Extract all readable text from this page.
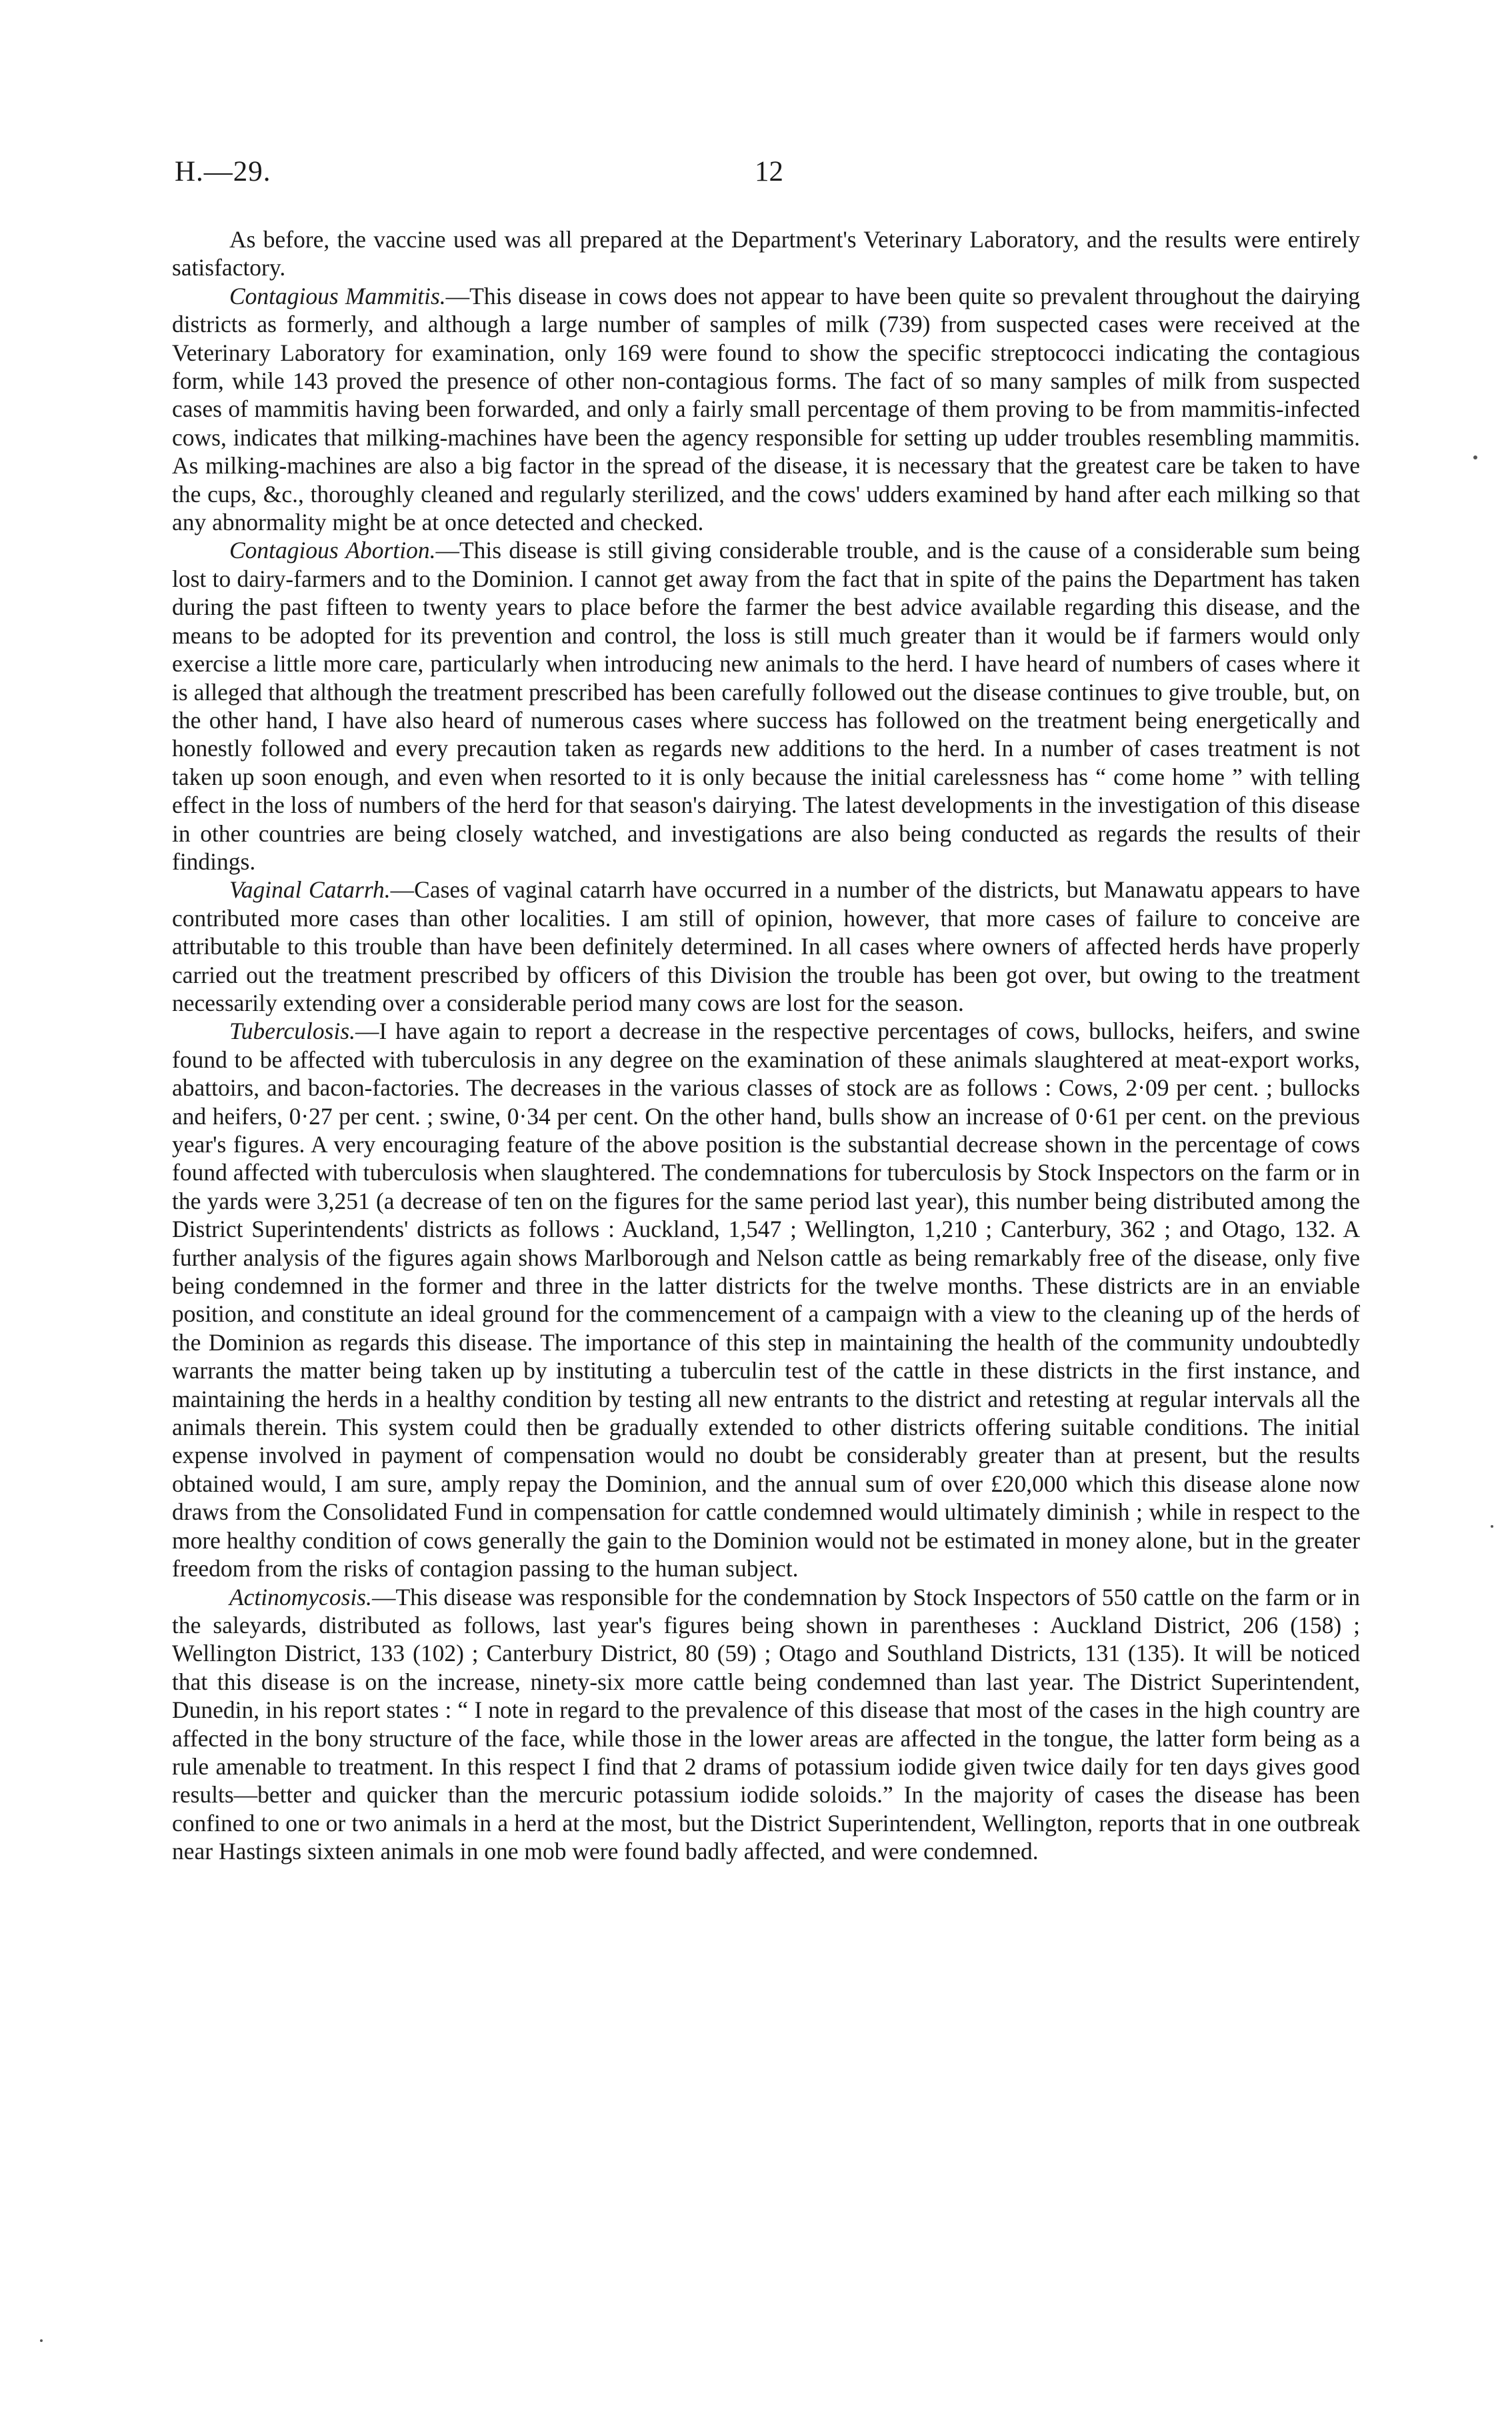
H.—29.	12

As before, the vaccine used was all prepared at the Department's Veterinary Laboratory, and the results were entirely satisfactory.

Contagious Mammitis.—This disease in cows does not appear to have been quite so prevalent throughout the dairying districts as formerly, and although a large number of samples of milk (739) from suspected cases were received at the Veterinary Laboratory for examination, only 169 were found to show the specific streptococci indicating the contagious form, while 143 proved the presence of other non-contagious forms. The fact of so many samples of milk from suspected cases of mammitis having been forwarded, and only a fairly small percentage of them proving to be from mammitis-infected cows, indicates that milking-machines have been the agency responsible for setting up udder troubles resembling mammitis. As milking-machines are also a big factor in the spread of the disease, it is necessary that the greatest care be taken to have the cups, &c., thoroughly cleaned and regularly sterilized, and the cows' udders examined by hand after each milking so that any abnormality might be at once detected and checked.

Contagious Abortion.—This disease is still giving considerable trouble, and is the cause of a considerable sum being lost to dairy-farmers and to the Dominion. I cannot get away from the fact that in spite of the pains the Department has taken during the past fifteen to twenty years to place before the farmer the best advice available regarding this disease, and the means to be adopted for its prevention and control, the loss is still much greater than it would be if farmers would only exercise a little more care, particularly when introducing new animals to the herd. I have heard of numbers of cases where it is alleged that although the treatment prescribed has been carefully followed out the disease continues to give trouble, but, on the other hand, I have also heard of numerous cases where success has followed on the treatment being energetically and honestly followed and every precaution taken as regards new additions to the herd. In a number of cases treatment is not taken up soon enough, and even when resorted to it is only because the initial carelessness has “ come home ” with telling effect in the loss of numbers of the herd for that season's dairying. The latest developments in the investigation of this disease in other countries are being closely watched, and investigations are also being conducted as regards the results of their findings.

Vaginal Catarrh.—Cases of vaginal catarrh have occurred in a number of the districts, but Manawatu appears to have contributed more cases than other localities. I am still of opinion, however, that more cases of failure to conceive are attributable to this trouble than have been definitely determined. In all cases where owners of affected herds have properly carried out the treatment prescribed by officers of this Division the trouble has been got over, but owing to the treatment necessarily extending over a considerable period many cows are lost for the season.

Tuberculosis.—I have again to report a decrease in the respective percentages of cows, bullocks, heifers, and swine found to be affected with tuberculosis in any degree on the examination of these animals slaughtered at meat-export works, abattoirs, and bacon-factories. The decreases in the various classes of stock are as follows : Cows, 2·09 per cent. ; bullocks and heifers, 0·27 per cent. ; swine, 0·34 per cent. On the other hand, bulls show an increase of 0·61 per cent. on the previous year's figures. A very encouraging feature of the above position is the substantial decrease shown in the percentage of cows found affected with tuberculosis when slaughtered. The condemnations for tuberculosis by Stock Inspectors on the farm or in the yards were 3,251 (a decrease of ten on the figures for the same period last year), this number being distributed among the District Superintendents' districts as follows : Auckland, 1,547 ; Wellington, 1,210 ; Canterbury, 362 ; and Otago, 132. A further analysis of the figures again shows Marlborough and Nelson cattle as being remarkably free of the disease, only five being condemned in the former and three in the latter districts for the twelve months. These districts are in an enviable position, and constitute an ideal ground for the commencement of a campaign with a view to the cleaning up of the herds of the Dominion as regards this disease. The importance of this step in maintaining the health of the community undoubtedly warrants the matter being taken up by instituting a tuberculin test of the cattle in these districts in the first instance, and maintaining the herds in a healthy condition by testing all new entrants to the district and retesting at regular intervals all the animals therein. This system could then be gradually extended to other districts offering suitable conditions. The initial expense involved in payment of compensation would no doubt be considerably greater than at present, but the results obtained would, I am sure, amply repay the Dominion, and the annual sum of over £20,000 which this disease alone now draws from the Consolidated Fund in compensation for cattle condemned would ultimately diminish ; while in respect to the more healthy condition of cows generally the gain to the Dominion would not be estimated in money alone, but in the greater freedom from the risks of contagion passing to the human subject.

Actinomycosis.—This disease was responsible for the condemnation by Stock Inspectors of 550 cattle on the farm or in the saleyards, distributed as follows, last year's figures being shown in parentheses : Auckland District, 206 (158) ; Wellington District, 133 (102) ; Canterbury District, 80 (59) ; Otago and Southland Districts, 131 (135). It will be noticed that this disease is on the increase, ninety-six more cattle being condemned than last year. The District Superintendent, Dunedin, in his report states : “ I note in regard to the prevalence of this disease that most of the cases in the high country are affected in the bony structure of the face, while those in the lower areas are affected in the tongue, the latter form being as a rule amenable to treatment. In this respect I find that 2 drams of potassium iodide given twice daily for ten days gives good results—better and quicker than the mercuric potassium iodide soloids.” In the majority of cases the disease has been confined to one or two animals in a herd at the most, but the District Superintendent, Wellington, reports that in one outbreak near Hastings sixteen animals in one mob were found badly affected, and were condemned.
